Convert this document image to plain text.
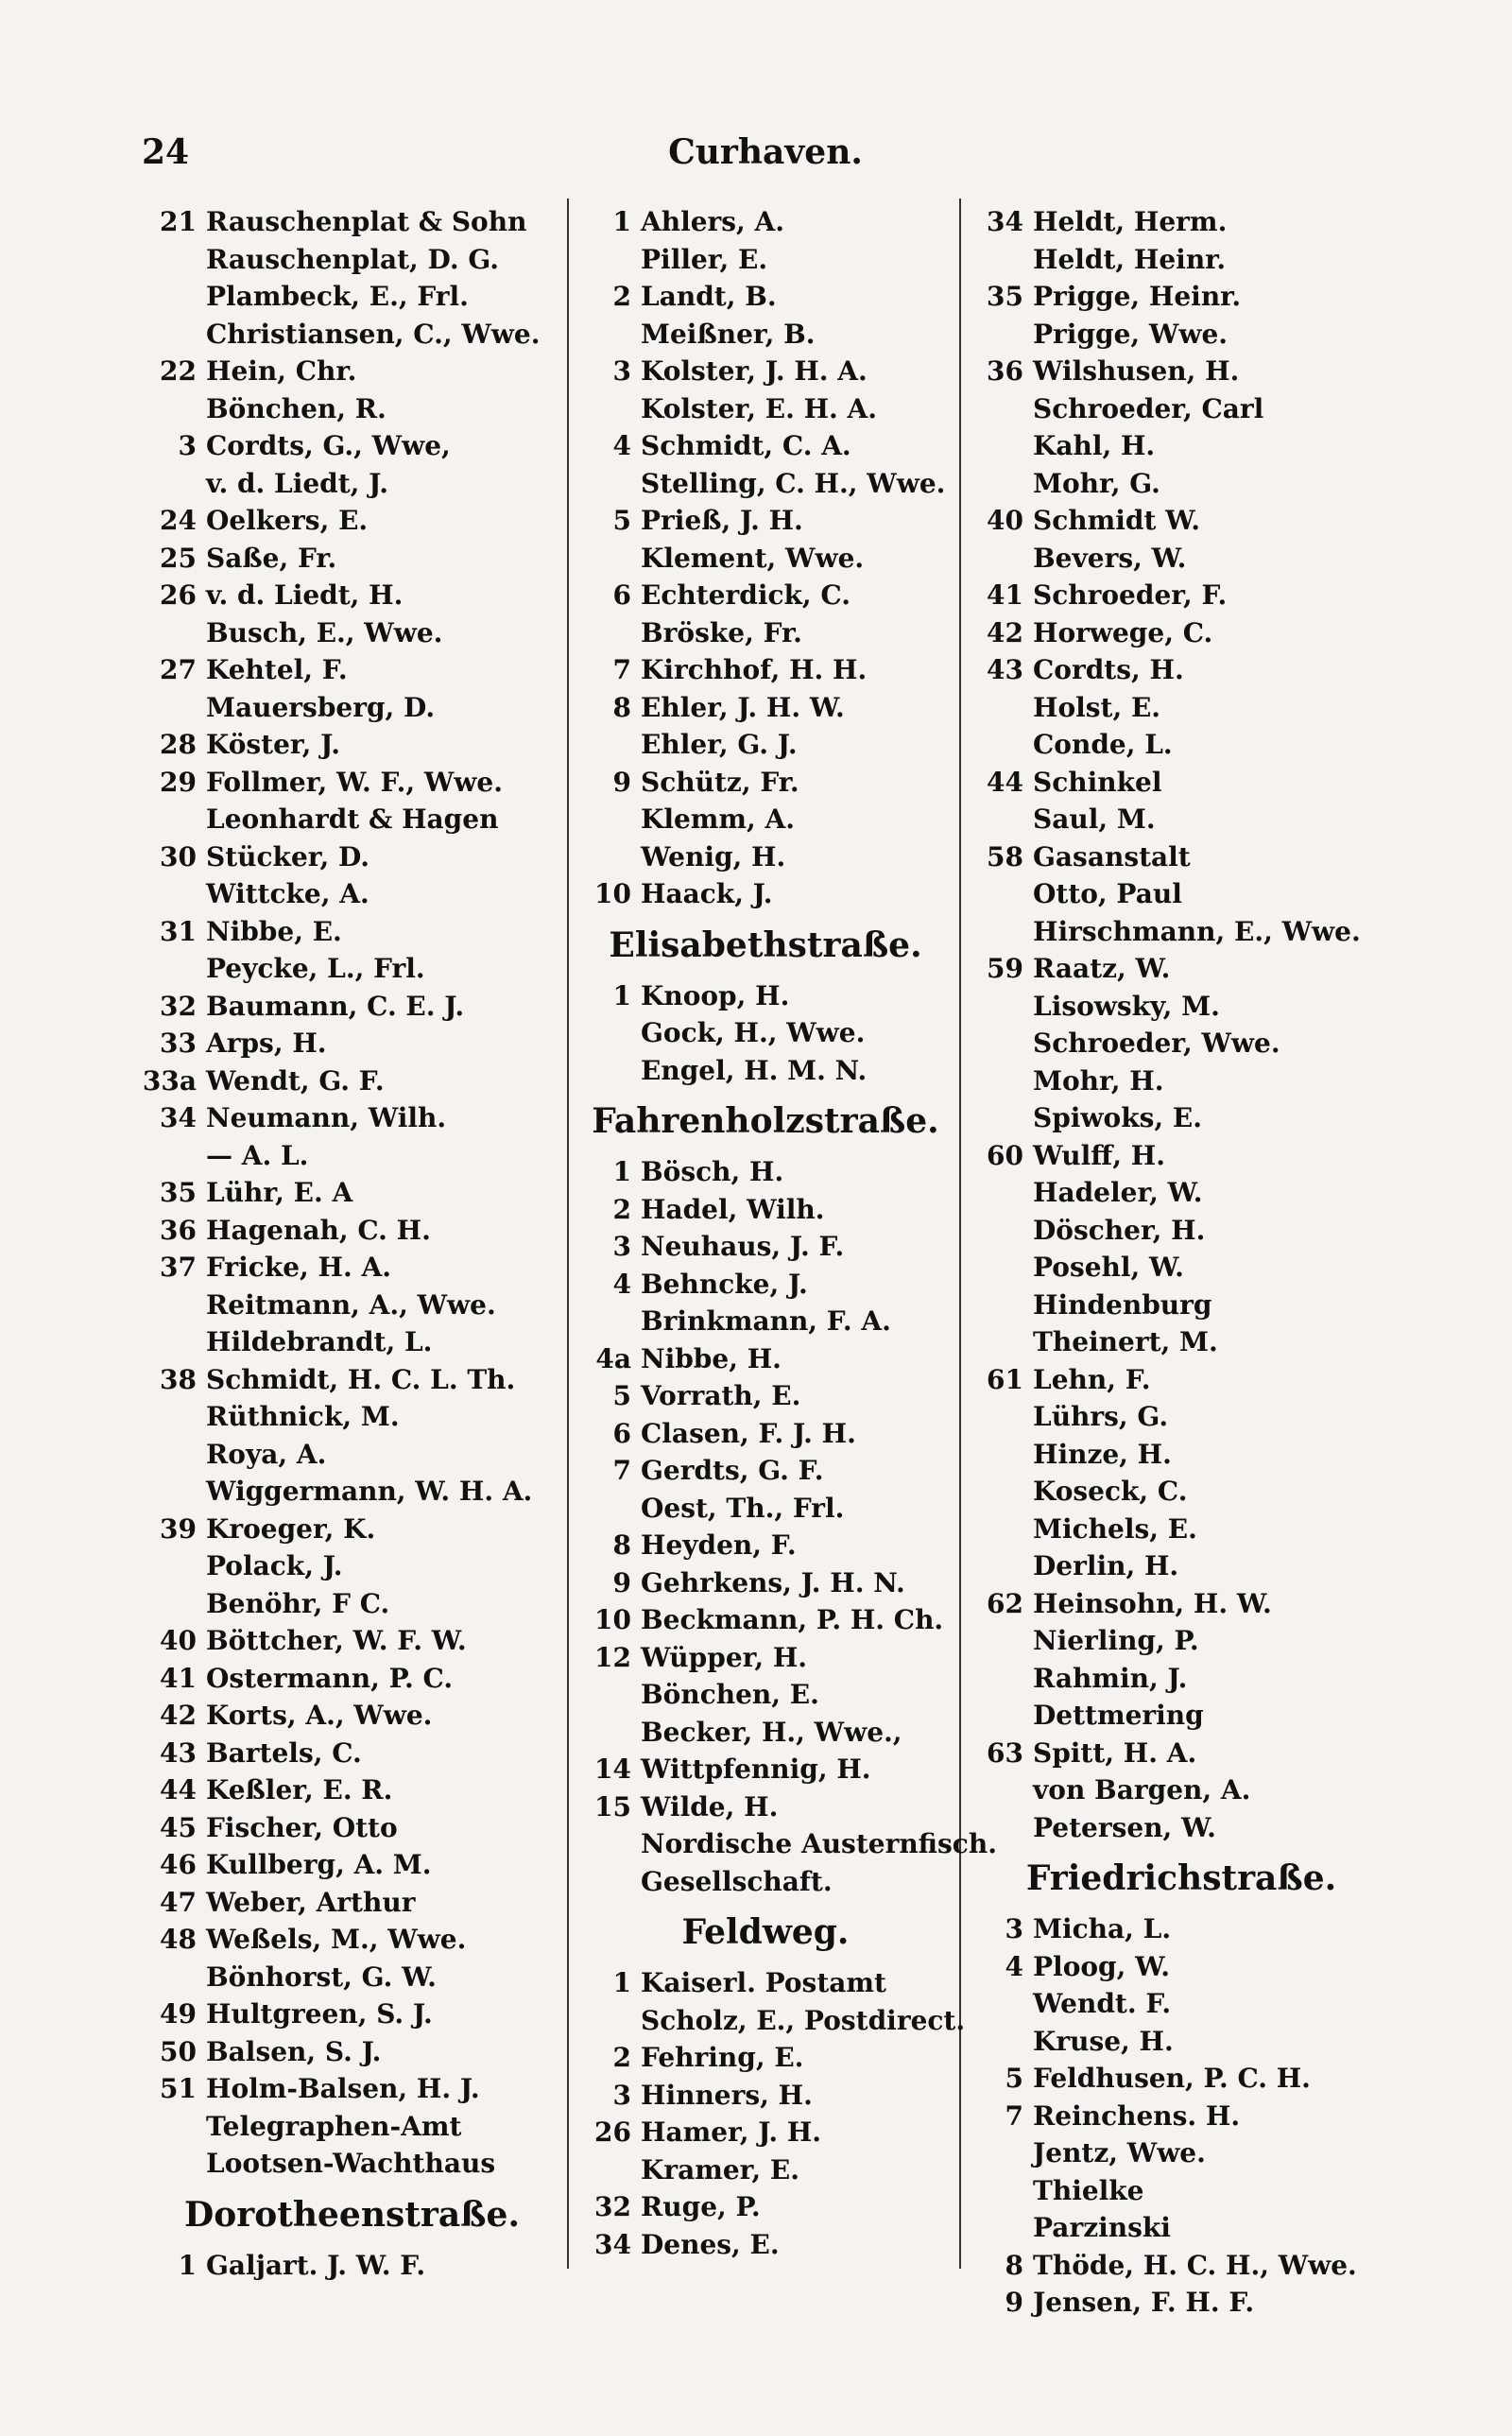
24	Curhaven.
21 Rauschenplat & Sohn
Rauschenplat, D. G.
Plambeck, E., Frl.
Christiansen, C., Wwe.
22 Hein, Chr.
Bönchen, R.
3 Cordts, G., Wwe,
v. d. Liedt, J.
24 Oelkers, E.
25 Saße, Fr.
26 v. d. Liedt, H.
Busch, E., Wwe.
27 Kehtel, F.
Mauersberg, D.
28 Köster, J.
29 Follmer, W. F., Wwe.
Leonhardt & Hagen
30 Stücker, D.
Wittcke, A.
31 Nibbe, E.
Peycke, L., Frl.
32 Baumann, C. E. J.
33 Arps, H.
33a Wendt, G. F.
34 Neumann, Wilh.
— A. L.
35 Lühr, E. A
36 Hagenah, C. H.
37 Fricke, H. A.
Reitmann, A., Wwe.
Hildebrandt, L.
38 Schmidt, H. C. L. Th.
Rüthnick, M.
Roya, A.
Wiggermann, W. H. A.
39 Kroeger, K.
Polack, J.
Benöhr, F C.
40 Böttcher, W. F. W.
41 Ostermann, P. C.
42 Korts, A., Wwe.
43 Bartels, C.
44 Keßler, E. R.
45 Fischer, Otto
46 Kullberg, A. M.
47 Weber, Arthur
48 Weßels, M., Wwe.
Bönhorst, G. W.
49 Hultgreen, S. J.
50 Balsen, S. J.
51 Holm-Balsen, H. J.
Telegraphen-Amt
Lootsen-Wachthaus
Dorotheenstraße.
1 Galjart. J. W. F.
1 Ahlers, A.
Piller, E.
2 Landt, B.
Meißner, B.
3 Kolster, J. H. A.
Kolster, E. H. A.
4 Schmidt, C. A.
Stelling, C. H., Wwe.
5 Prieß, J. H.
Klement, Wwe.
6 Echterdick, C.
Bröske, Fr.
7 Kirchhof, H. H.
8 Ehler, J. H. W.
Ehler, G. J.
9 Schütz, Fr.
Klemm, A.
Wenig, H.
10 Haack, J.
Elisabethstraße.
1 Knoop, H.
Gock, H., Wwe.
Engel, H. M. N.
Fahrenholzstraße.
1 Bösch, H.
2 Hadel, Wilh.
3 Neuhaus, J. F.
4 Behncke, J.
Brinkmann, F. A.
4a Nibbe, H.
5 Vorrath, E.
6 Clasen, F. J. H.
7 Gerdts, G. F.
Oest, Th., Frl.
8 Heyden, F.
9 Gehrkens, J. H. N.
10 Beckmann, P. H. Ch.
12 Wüpper, H.
Bönchen, E.
Becker, H., Wwe.,
14 Wittpfennig, H.
15 Wilde, H.
Nordische Austernfisch.
Gesellschaft.
Feldweg.
1 Kaiserl. Postamt
Scholz, E., Postdirect.
2 Fehring, E.
3 Hinners, H.
26 Hamer, J. H.
Kramer, E.
32 Ruge, P.
34 Denes, E.
34 Heldt, Herm.
Heldt, Heinr.
35 Prigge, Heinr.
Prigge, Wwe.
36 Wilshusen, H.
Schroeder, Carl
Kahl, H.
Mohr, G.
40 Schmidt W.
Bevers, W.
41 Schroeder, F.
42 Horwege, C.
43 Cordts, H.
Holst, E.
Conde, L.
44 Schinkel
Saul, M.
58 Gasanstalt
Otto, Paul
Hirschmann, E., Wwe.
59 Raatz, W.
Lisowsky, M.
Schroeder, Wwe.
Mohr, H.
Spiwoks, E.
60 Wulff, H.
Hadeler, W.
Döscher, H.
Posehl, W.
Hindenburg
Theinert, M.
61 Lehn, F.
Lührs, G.
Hinze, H.
Koseck, C.
Michels, E.
Derlin, H.
62 Heinsohn, H. W.
Nierling, P.
Rahmin, J.
Dettmering
63 Spitt, H. A.
von Bargen, A.
Petersen, W.
Friedrichstraße.
3 Micha, L.
4 Ploog, W.
Wendt. F.
Kruse, H.
5 Feldhusen, P. C. H.
7 Reinchens. H.
Jentz, Wwe.
Thielke
Parzinski
8 Thöde, H. C. H., Wwe.
9 Jensen, F. H. F.
